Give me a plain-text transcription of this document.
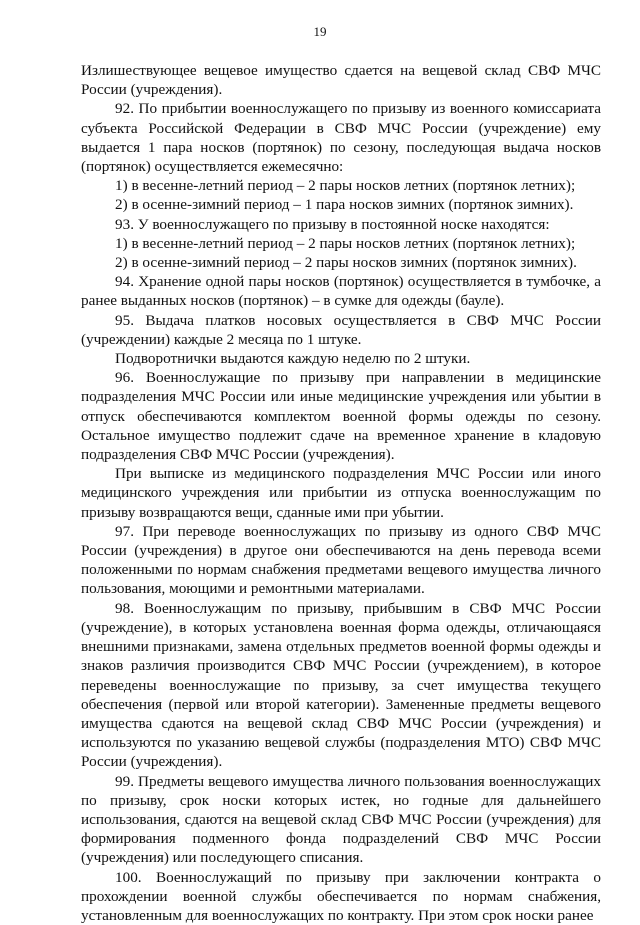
19

Излишествующее вещевое имущество сдается на вещевой склад СВФ МЧС России (учреждения).

92. По прибытии военнослужащего по призыву из военного комиссариата субъекта Российской Федерации в СВФ МЧС России (учреждение) ему выдается 1 пара носков (портянок) по сезону, последующая выдача носков (портянок) осуществляется ежемесячно:

1) в весенне-летний период – 2 пары носков летних (портянок летних);

2) в осенне-зимний период – 1 пара носков зимних (портянок зимних).

93. У военнослужащего по призыву в постоянной носке находятся:

1) в весенне-летний период – 2 пары носков летних (портянок летних);

2) в осенне-зимний период – 2 пары носков зимних (портянок зимних).

94. Хранение одной пары носков (портянок) осуществляется в тумбочке, а ранее выданных носков (портянок) – в сумке для одежды (бауле).

95. Выдача платков носовых осуществляется в СВФ МЧС России (учреждении) каждые 2 месяца по 1 штуке.

Подворотнички выдаются каждую неделю по 2 штуки.

96. Военнослужащие по призыву при направлении в медицинские подразделения МЧС России или иные медицинские учреждения или убытии в отпуск обеспечиваются комплектом военной формы одежды по сезону. Остальное имущество подлежит сдаче на временное хранение в кладовую подразделения СВФ МЧС России (учреждения).

При выписке из медицинского подразделения МЧС России или иного медицинского учреждения или прибытии из отпуска военнослужащим по призыву возвращаются вещи, сданные ими при убытии.

97. При переводе военнослужащих по призыву из одного СВФ МЧС России (учреждения) в другое они обеспечиваются на день перевода всеми положенными по нормам снабжения предметами вещевого имущества личного пользования, моющими и ремонтными материалами.

98. Военнослужащим по призыву, прибывшим в СВФ МЧС России (учреждение), в которых установлена военная форма одежды, отличающаяся внешними признаками, замена отдельных предметов военной формы одежды и знаков различия производится СВФ МЧС России (учреждением), в которое переведены военнослужащие по призыву, за счет имущества текущего обеспечения (первой или второй категории). Замененные предметы вещевого имущества сдаются на вещевой склад СВФ МЧС России (учреждения) и используются по указанию вещевой службы (подразделения МТО) СВФ МЧС России (учреждения).

99. Предметы вещевого имущества личного пользования военнослужащих по призыву, срок носки которых истек, но годные для дальнейшего использования, сдаются на вещевой склад СВФ МЧС России (учреждения) для формирования подменного фонда подразделений СВФ МЧС России (учреждения) или последующего списания.

100. Военнослужащий по призыву при заключении контракта о прохождении военной службы обеспечивается по нормам снабжения, установленным для военнослужащих по контракту. При этом срок носки ранее
